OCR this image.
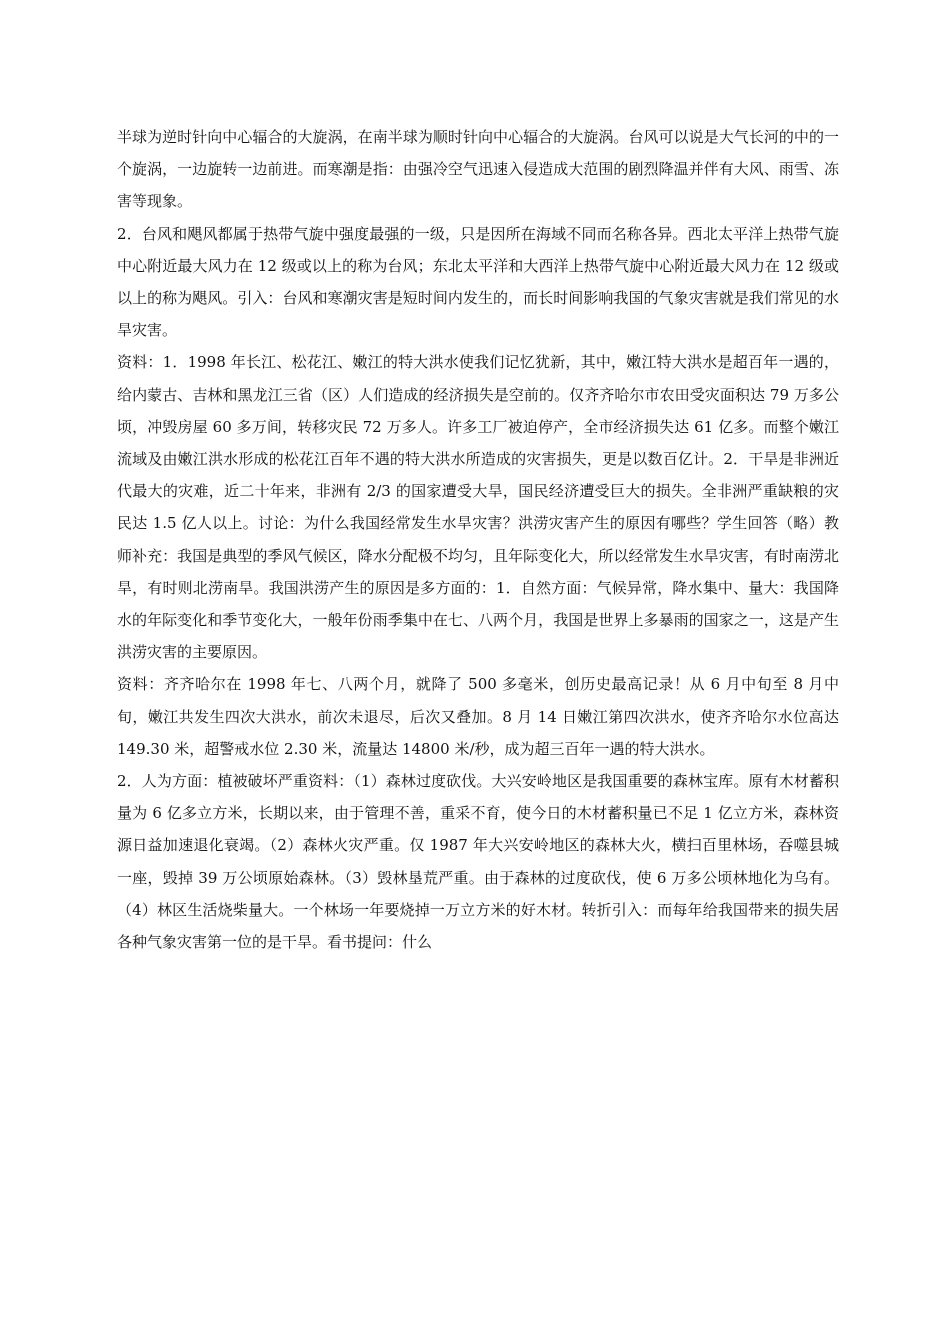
半球为逆时针向中心辐合的大旋涡，在南半球为顺时针向中心辐合的大旋涡。台风可以说是大气长河的中的一个旋涡，一边旋转一边前进。而寒潮是指：由强冷空气迅速入侵造成大范围的剧烈降温并伴有大风、雨雪、冻害等现象。

2．台风和飓风都属于热带气旋中强度最强的一级，只是因所在海域不同而名称各异。西北太平洋上热带气旋中心附近最大风力在 12 级或以上的称为台风；东北太平洋和大西洋上热带气旋中心附近最大风力在 12 级或以上的称为飓风。引入：台风和寒潮灾害是短时间内发生的，而长时间影响我国的气象灾害就是我们常见的水旱灾害。

资料：1．1998 年长江、松花江、嫩江的特大洪水使我们记忆犹新，其中，嫩江特大洪水是超百年一遇的，给内蒙古、吉林和黑龙江三省（区）人们造成的经济损失是空前的。仅齐齐哈尔市农田受灾面积达 79 万多公顷，冲毁房屋 60 多万间，转移灾民 72 万多人。许多工厂被迫停产，全市经济损失达 61 亿多。而整个嫩江流域及由嫩江洪水形成的松花江百年不遇的特大洪水所造成的灾害损失，更是以数百亿计。2．干旱是非洲近代最大的灾难，近二十年来，非洲有 2/3 的国家遭受大旱，国民经济遭受巨大的损失。全非洲严重缺粮的灾民达 1.5 亿人以上。讨论：为什么我国经常发生水旱灾害？洪涝灾害产生的原因有哪些？学生回答（略）教师补充：我国是典型的季风气候区，降水分配极不均匀，且年际变化大，所以经常发生水旱灾害，有时南涝北旱，有时则北涝南旱。我国洪涝产生的原因是多方面的：1．自然方面：气候异常，降水集中、量大：我国降水的年际变化和季节变化大，一般年份雨季集中在七、八两个月，我国是世界上多暴雨的国家之一，这是产生洪涝灾害的主要原因。

资料：齐齐哈尔在 1998 年七、八两个月，就降了 500 多毫米，创历史最高记录！从 6 月中旬至 8 月中旬，嫩江共发生四次大洪水，前次未退尽，后次又叠加。8 月 14 日嫩江第四次洪水，使齐齐哈尔水位高达 149.30 米，超警戒水位 2.30 米，流量达 14800 米/秒，成为超三百年一遇的特大洪水。

2．人为方面：植被破坏严重资料：（1）森林过度砍伐。大兴安岭地区是我国重要的森林宝库。原有木材蓄积量为 6 亿多立方米，长期以来，由于管理不善，重采不育，使今日的木材蓄积量已不足 1 亿立方米，森林资源日益加速退化衰竭。（2）森林火灾严重。仅 1987 年大兴安岭地区的森林大火，横扫百里林场，吞噬县城一座，毁掉 39 万公顷原始森林。（3）毁林垦荒严重。由于森林的过度砍伐，使 6 万多公顷林地化为乌有。（4）林区生活烧柴量大。一个林场一年要烧掉一万立方米的好木材。转折引入：而每年给我国带来的损失居各种气象灾害第一位的是干旱。看书提问：什么
